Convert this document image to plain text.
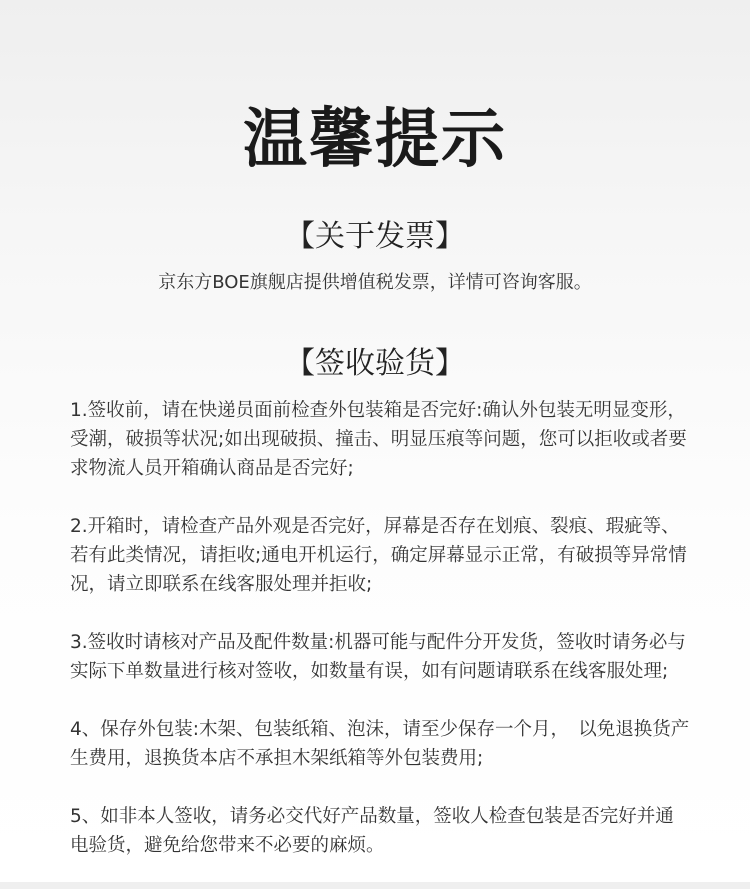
温馨提示
【关于发票】
京东方BOE旗舰店提供增值税发票，详情可咨询客服。
【签收验货】
1.签收前，请在快递员面前检查外包装箱是否完好:确认外包装无明显变形，受潮，破损等状况;如出现破损、撞击、明显压痕等问题，您可以拒收或者要求物流人员开箱确认商品是否完好;
2.开箱时，请检查产品外观是否完好，屏幕是否存在划痕、裂痕、瑕疵等、若有此类情况，请拒收;通电开机运行，确定屏幕显示正常，有破损等异常情况，请立即联系在线客服处理并拒收;
3.签收时请核对产品及配件数量:机器可能与配件分开发货，签收时请务必与实际下单数量进行核对签收，如数量有误，如有问题请联系在线客服处理;
4、保存外包装:木架、包装纸箱、泡沫，请至少保存一个月，　以免退换货产生费用，退换货本店不承担木架纸箱等外包装费用;
5、如非本人签收，请务必交代好产品数量，签收人检查包装是否完好并通电验货，避免给您带来不必要的麻烦。
